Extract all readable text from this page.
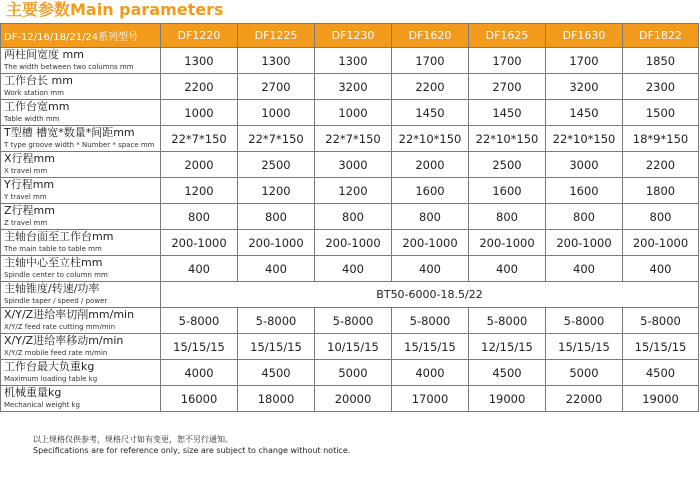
主要参数Main parameters
DF-12/16/18/21/24系列型号	DF1220	DF1225	DF1230	DF1620	DF1625	DF1630	DF1822

两柱间宽度 mm
The width between two columns mm	1300	1300	1300	1700	1700	1700	1850

工作台长 mm
Work station mm	2200	2700	3200	2200	2700	3200	2300

工作台宽mm
Table width mm	1000	1000	1000	1450	1450	1450	1500

T型槽 槽宽*数量*间距mm
T type groove width * Number * space mm	22*7*150	22*7*150	22*7*150	22*10*150	22*10*150	22*10*150	18*9*150

X行程mm
X travel mm	2000	2500	3000	2000	2500	3000	2200

Y行程mm
Y travel mm	1200	1200	1200	1600	1600	1600	1800

Z行程mm
Z travel mm	800	800	800	800	800	800	800

主轴台面至工作台mm
The main table to table mm	200-1000	200-1000	200-1000	200-1000	200-1000	200-1000	200-1000

主轴中心至立柱mm
Spindle center to column mm	400	400	400	400	400	400	400

主轴锥度/转速/功率
Spindle taper / speed / power	BT50-6000-18.5/22						

X/Y/Z进给率切削mm/min
X/Y/Z feed rate cutting mm/min	5-8000	5-8000	5-8000	5-8000	5-8000	5-8000	5-8000

X/Y/Z进给率移动m/min
X/Y/Z mobile feed rate m/min	15/15/15	15/15/15	10/15/15	15/15/15	12/15/15	15/15/15	15/15/15

工作台最大负重kg
Maximum loading table kg	4000	4500	5000	4000	4500	5000	4500

机械重量kg
Mechanical weight kg	16000	18000	20000	17000	19000	22000	19000
以上规格仅供参考，规格尺寸如有变更，恕不另行通知。
Specifications are for reference only, size are subject to change without notice.
